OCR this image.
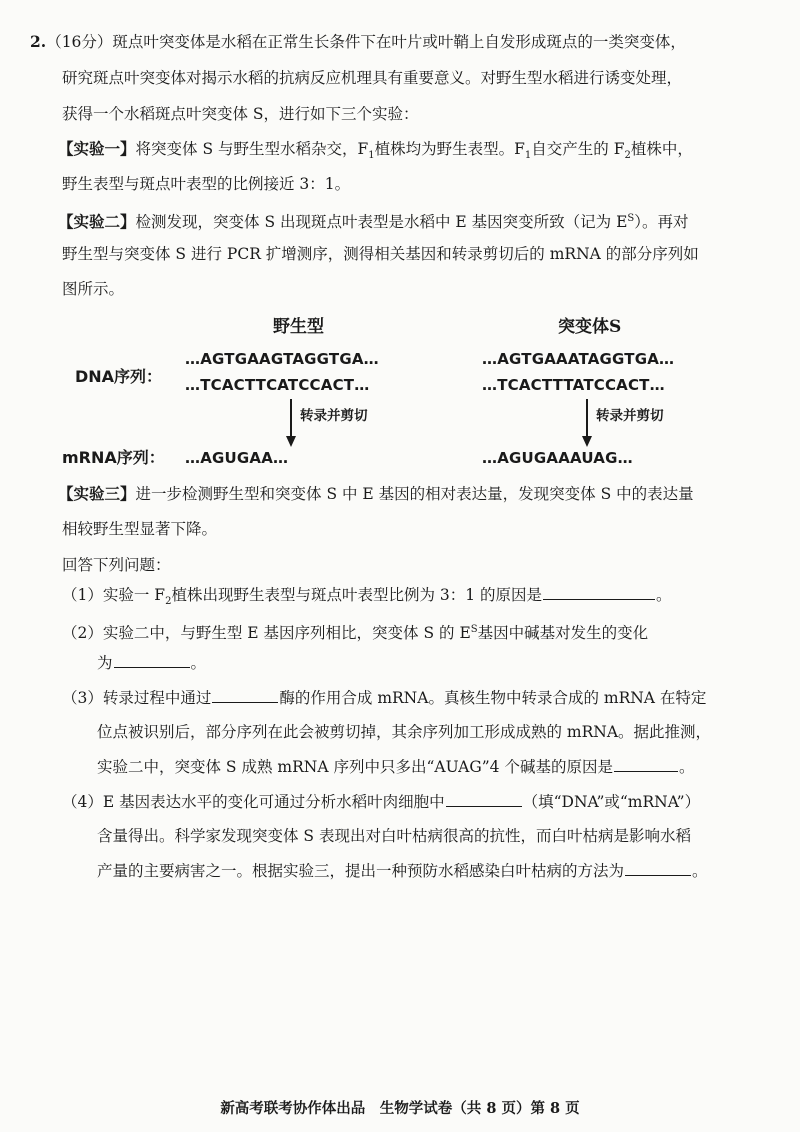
2.（16分）斑点叶突变体是水稻在正常生长条件下在叶片或叶鞘上自发形成斑点的一类突变体，
研究斑点叶突变体对揭示水稻的抗病反应机理具有重要意义。对野生型水稻进行诱变处理，
获得一个水稻斑点叶突变体 S，进行如下三个实验：
【实验一】将突变体 S 与野生型水稻杂交，$F_1$植株均为野生表型。$F_1$自交产生的 $F_2$植株中，
野生表型与斑点叶表型的比例接近 3：1。
【实验二】检测发现，突变体 S 出现斑点叶表型是水稻中 E 基因突变所致（记为 $E^S$）。再对
野生型与突变体 S 进行 PCR 扩增测序，测得相关基因和转录剪切后的 mRNA 的部分序列如
图所示。
野生型	突变体S
DNA序列：
…AGTGAAGTAGGTGA…
…TCACTTCATCCACT…
…AGTGAAATAGGTGA…
…TCACTTTATCCACT…
转录并剪切	转录并剪切
mRNA序列： …AGUGAA…	…AGUGAAAUAG…
【实验三】进一步检测野生型和突变体 S 中 E 基因的相对表达量，发现突变体 S 中的表达量
相较野生型显著下降。
回答下列问题：
（1）实验一 $F_2$植株出现野生表型与斑点叶表型比例为 3：1 的原因是	。
（2）实验二中，与野生型 E 基因序列相比，突变体 S 的 $E^S$基因中碱基对发生的变化
为	。
（3）转录过程中通过	酶的作用合成 mRNA。真核生物中转录合成的 mRNA 在特定
位点被识别后，部分序列在此会被剪切掉，其余序列加工形成成熟的 mRNA。据此推测，
实验二中，突变体 S 成熟 mRNA 序列中只多出“AUAG”4 个碱基的原因是	。
（4）E 基因表达水平的变化可通过分析水稻叶肉细胞中	（填“DNA”或“mRNA”）
含量得出。科学家发现突变体 S 表现出对白叶枯病很高的抗性，而白叶枯病是影响水稻
产量的主要病害之一。根据实验三，提出一种预防水稻感染白叶枯病的方法为	。
新高考联考协作体出品　生物学试卷（共 8 页）第 8 页
